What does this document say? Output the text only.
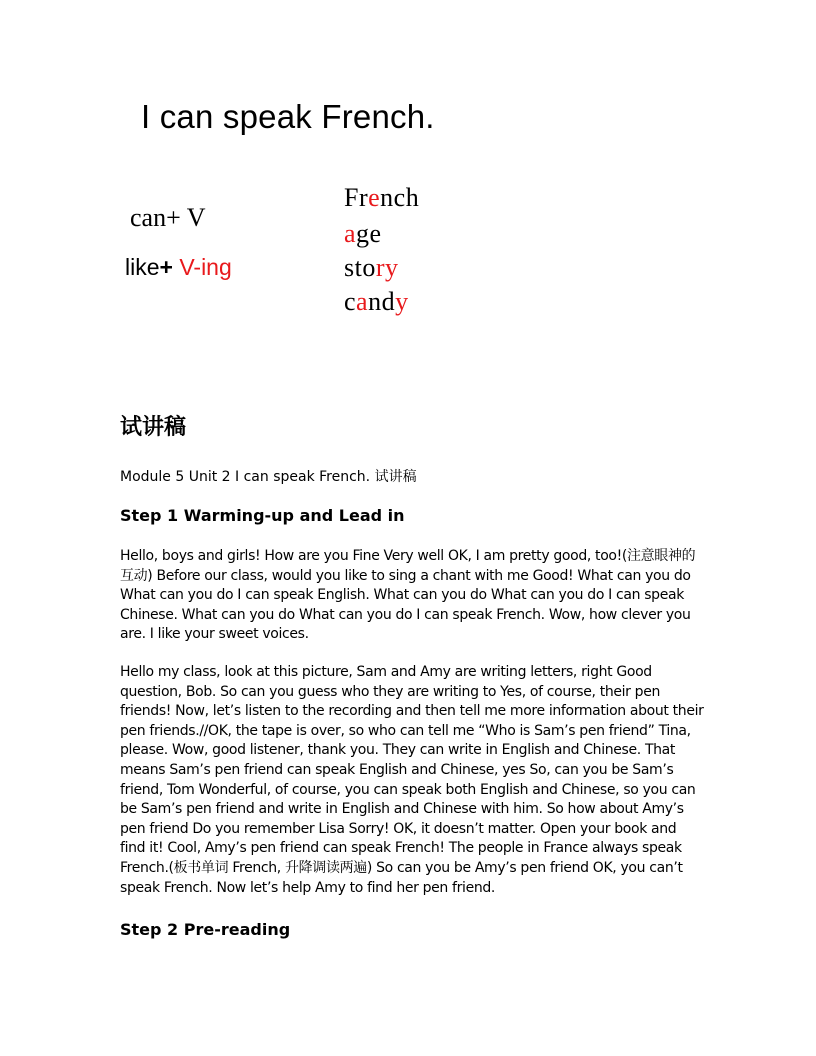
I can speak French.
can+ V
like+ V-ing
French
age
story
candy
试讲稿
Module 5 Unit 2 I can speak French. 试讲稿
Step 1 Warming-up and Lead in
Hello, boys and girls! How are you Fine Very well OK, I am pretty good, too!(注意眼神的互动) Before our class, would you like to sing a chant with me Good! What can you do What can you do I can speak English. What can you do What can you do I can speak Chinese. What can you do What can you do I can speak French. Wow, how clever you are. I like your sweet voices.
Hello my class, look at this picture, Sam and Amy are writing letters, right Good question, Bob. So can you guess who they are writing to Yes, of course, their pen friends! Now, let’s listen to the recording and then tell me more information about their pen friends.//OK, the tape is over, so who can tell me “Who is Sam’s pen friend” Tina, please. Wow, good listener, thank you. They can write in English and Chinese. That means Sam’s pen friend can speak English and Chinese, yes So, can you be Sam’s friend, Tom Wonderful, of course, you can speak both English and Chinese, so you can be Sam’s pen friend and write in English and Chinese with him. So how about Amy’s pen friend Do you remember Lisa Sorry! OK, it doesn’t matter. Open your book and find it! Cool, Amy’s pen friend can speak French! The people in France always speak French.(板书单词 French, 升降调读两遍) So can you be Amy’s pen friend OK, you can’t speak French. Now let’s help Amy to find her pen friend.
Step 2 Pre-reading
